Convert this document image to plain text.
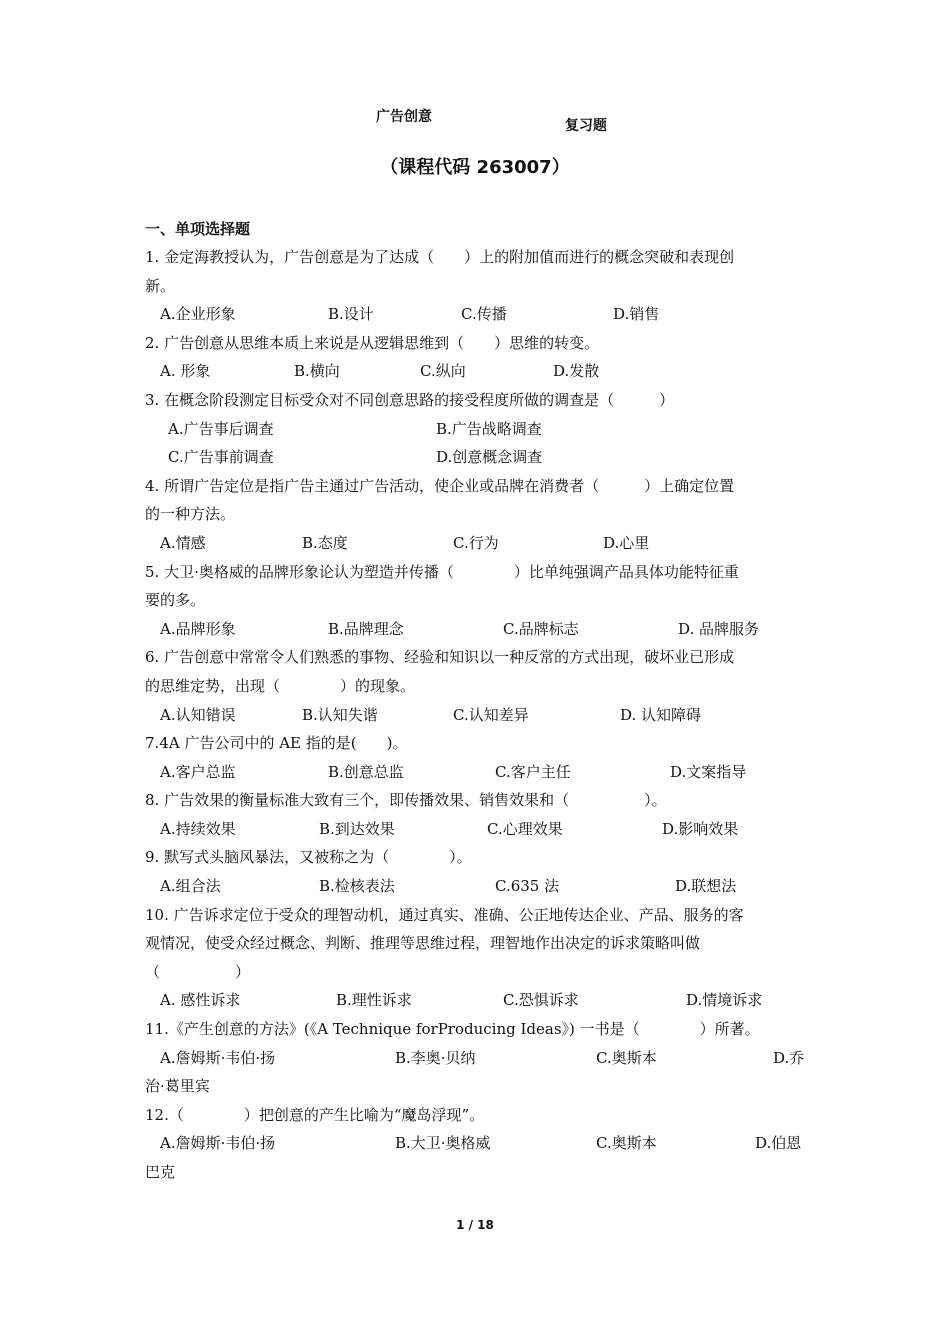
广告创意
复习题
（课程代码 263007）
一、单项选择题
1. 金定海教授认为，广告创意是为了达成（　　）上的附加值而进行的概念突破和表现创
新。
A.企业形象	B.设计	C.传播	D.销售
2. 广告创意从思维本质上来说是从逻辑思维到（　　）思维的转变。
A. 形象	B.横向	C.纵向	D.发散
3. 在概念阶段测定目标受众对不同创意思路的接受程度所做的调查是（　　　）
A.广告事后调查	B.广告战略调查
C.广告事前调查	D.创意概念调查
4. 所谓广告定位是指广告主通过广告活动，使企业或品牌在消费者（　　　）上确定位置
的一种方法。
A.情感	B.态度	C.行为	D.心里
5. 大卫·奥格威的品牌形象论认为塑造并传播（　　　　）比单纯强调产品具体功能特征重
要的多。
A.品牌形象	B.品牌理念	C.品牌标志	D. 品牌服务
6. 广告创意中常常令人们熟悉的事物、经验和知识以一种反常的方式出现，破坏业已形成
的思维定势，出现（　　　　）的现象。
A.认知错误	B.认知失谐	C.认知差异	D. 认知障碍
7.4A 广告公司中的 AE 指的是(　　)。
A.客户总监	B.创意总监	C.客户主任	D.文案指导
8. 广告效果的衡量标准大致有三个，即传播效果、销售效果和（　　　　　）。
A.持续效果	B.到达效果	C.心理效果	D.影响效果
9. 默写式头脑风暴法，又被称之为（　　　　）。
A.组合法	B.检核表法	C.635 法	D.联想法
10. 广告诉求定位于受众的理智动机，通过真实、准确、公正地传达企业、产品、服务的客
观情况，使受众经过概念、判断、推理等思维过程，理智地作出决定的诉求策略叫做
（　　　　　）
A. 感性诉求	B.理性诉求	C.恐惧诉求	D.情境诉求
11.《产生创意的方法》(《A Technique forProducing Ideas》) 一书是（　　　　）所著。
A.詹姆斯·韦伯·扬	B.李奥·贝纳	C.奥斯本	D.乔
治·葛里宾
12.（　　　　）把创意的产生比喻为“魔岛浮现”。
A.詹姆斯·韦伯·扬	B.大卫·奥格威	C.奥斯本	D.伯恩
巴克
1 / 18
